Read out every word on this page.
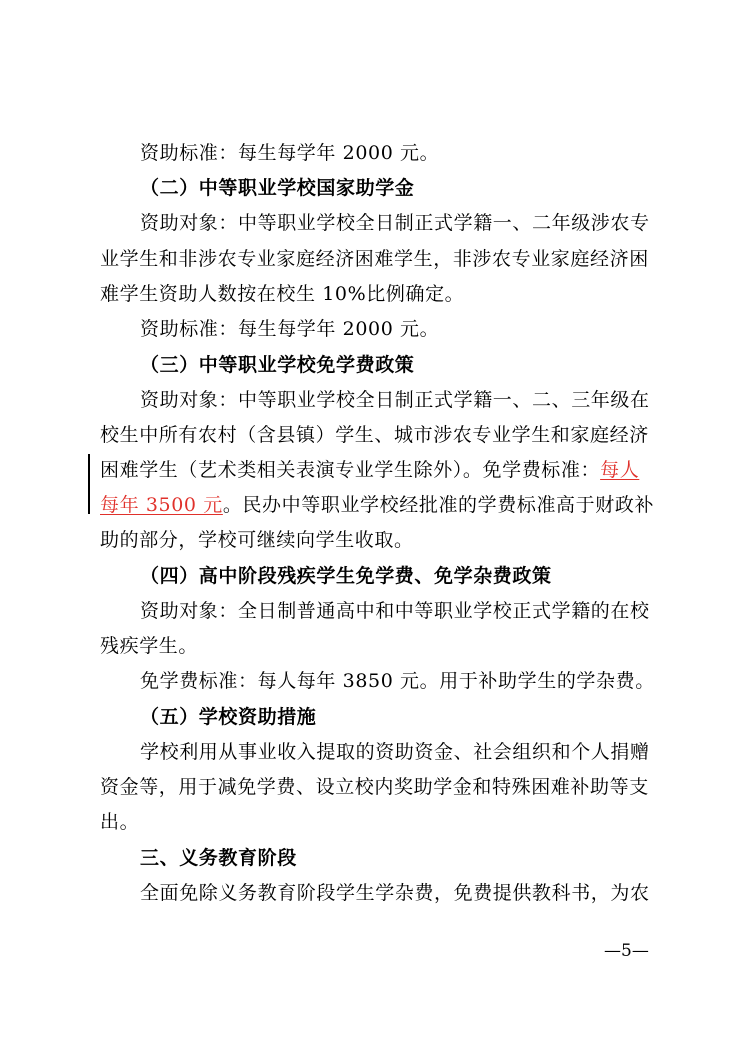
资助标准：每生每学年 2000 元。
（二）中等职业学校国家助学金
资助对象：中等职业学校全日制正式学籍一、二年级涉农专
业学生和非涉农专业家庭经济困难学生，非涉农专业家庭经济困
难学生资助人数按在校生 10%比例确定。
资助标准：每生每学年 2000 元。
（三）中等职业学校免学费政策
资助对象：中等职业学校全日制正式学籍一、二、三年级在
校生中所有农村（含县镇）学生、城市涉农专业学生和家庭经济
困难学生（艺术类相关表演专业学生除外）。免学费标准：每人
每年 3500 元。民办中等职业学校经批准的学费标准高于财政补
助的部分，学校可继续向学生收取。
（四）高中阶段残疾学生免学费、免学杂费政策
资助对象：全日制普通高中和中等职业学校正式学籍的在校
残疾学生。
免学费标准：每人每年 3850 元。用于补助学生的学杂费。
（五）学校资助措施
学校利用从事业收入提取的资助资金、社会组织和个人捐赠
资金等，用于减免学费、设立校内奖助学金和特殊困难补助等支
出。
三、义务教育阶段
全面免除义务教育阶段学生学杂费，免费提供教科书，为农
—5—
